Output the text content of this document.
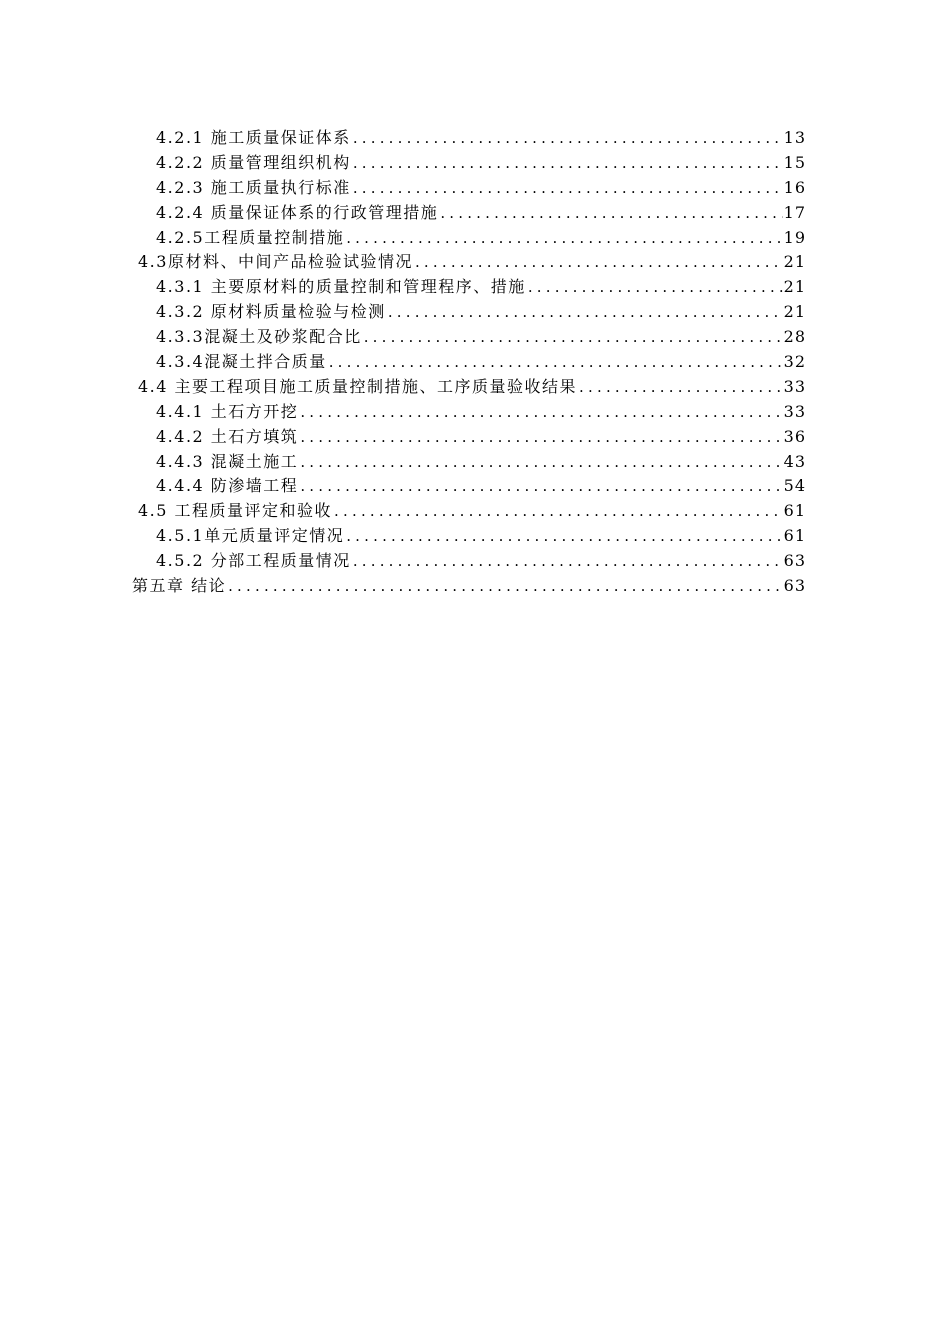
4.2.1 施工质量保证体系 .....	13
4.2.2 质量管理组织机构 .....	15
4.2.3 施工质量执行标准 .....	16
4.2.4 质量保证体系的行政管理措施 .....	17
4.2.5工程质量控制措施 .....	19
4.3原材料、中间产品检验试验情况 .....	21
4.3.1 主要原材料的质量控制和管理程序、措施 .....	21
4.3.2 原材料质量检验与检测 .....	21
4.3.3混凝土及砂浆配合比 .....	28
4.3.4混凝土拌合质量 .....	32
4.4 主要工程项目施工质量控制措施、工序质量验收结果 .....	33
4.4.1 土石方开挖 .....	33
4.4.2 土石方填筑 .....	36
4.4.3 混凝土施工 .....	43
4.4.4 防渗墙工程 .....	54
4.5 工程质量评定和验收 .....	61
4.5.1单元质量评定情况 .....	61
4.5.2 分部工程质量情况 .....	63
第五章 结论 .....	63
